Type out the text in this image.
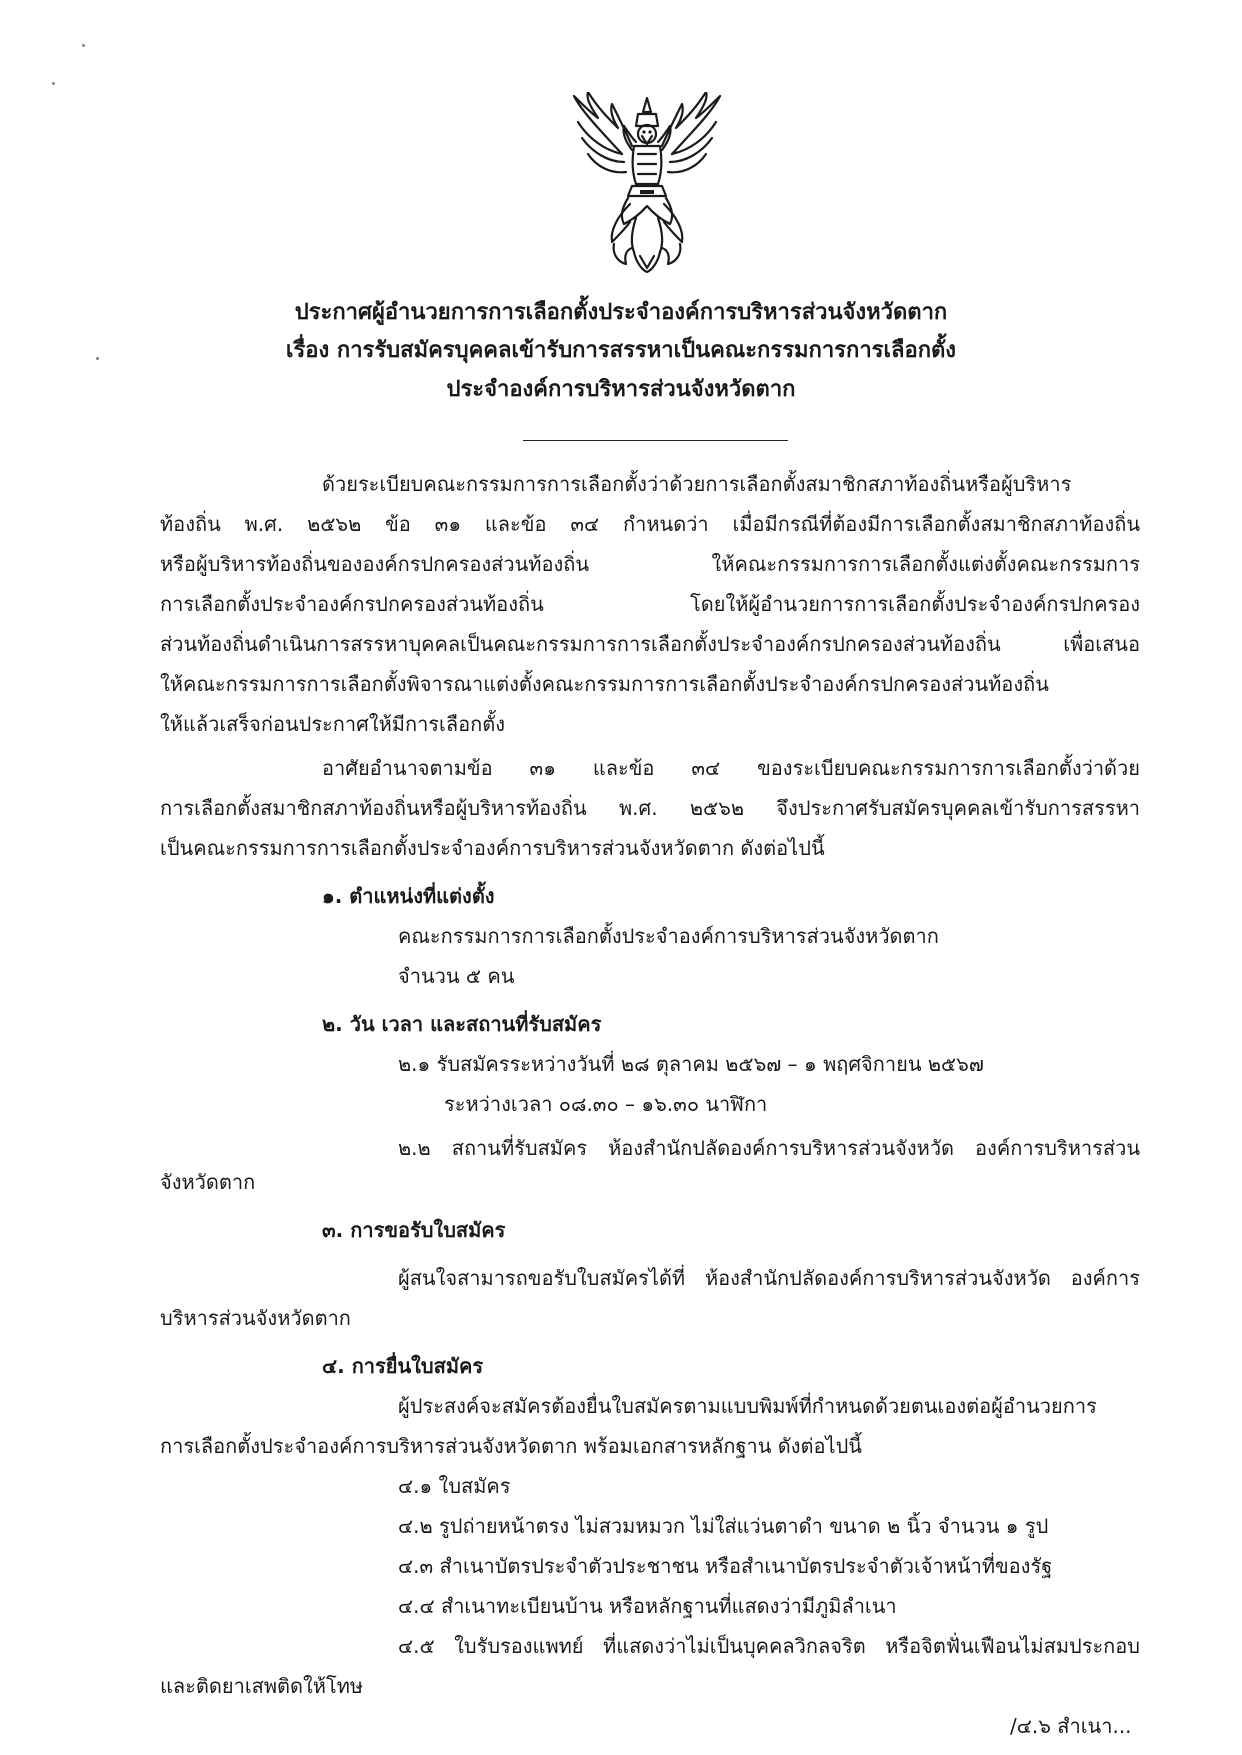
ประกาศผู้อำนวยการการเลือกตั้งประจำองค์การบริหารส่วนจังหวัดตาก
เรื่อง การรับสมัครบุคคลเข้ารับการสรรหาเป็นคณะกรรมการการเลือกตั้ง
ประจำองค์การบริหารส่วนจังหวัดตาก
ด้วยระเบียบคณะกรรมการการเลือกตั้งว่าด้วยการเลือกตั้งสมาชิกสภาท้องถิ่นหรือผู้บริหาร
ท้องถิ่น พ.ศ. ๒๕๖๒ ข้อ ๓๑ และข้อ ๓๔ กำหนดว่า เมื่อมีกรณีที่ต้องมีการเลือกตั้งสมาชิกสภาท้องถิ่น
หรือผู้บริหารท้องถิ่นขององค์กรปกครองส่วนท้องถิ่น ให้คณะกรรมการการเลือกตั้งแต่งตั้งคณะกรรมการ
การเลือกตั้งประจำองค์กรปกครองส่วนท้องถิ่น โดยให้ผู้อำนวยการการเลือกตั้งประจำองค์กรปกครอง
ส่วนท้องถิ่นดำเนินการสรรหาบุคคลเป็นคณะกรรมการการเลือกตั้งประจำองค์กรปกครองส่วนท้องถิ่น เพื่อเสนอ
ให้คณะกรรมการการเลือกตั้งพิจารณาแต่งตั้งคณะกรรมการการเลือกตั้งประจำองค์กรปกครองส่วนท้องถิ่น
ให้แล้วเสร็จก่อนประกาศให้มีการเลือกตั้ง
อาศัยอำนาจตามข้อ ๓๑ และข้อ ๓๔ ของระเบียบคณะกรรมการการเลือกตั้งว่าด้วย
การเลือกตั้งสมาชิกสภาท้องถิ่นหรือผู้บริหารท้องถิ่น พ.ศ. ๒๕๖๒ จึงประกาศรับสมัครบุคคลเข้ารับการสรรหา
เป็นคณะกรรมการการเลือกตั้งประจำองค์การบริหารส่วนจังหวัดตาก ดังต่อไปนี้
๑. ตำแหน่งที่แต่งตั้ง
คณะกรรมการการเลือกตั้งประจำองค์การบริหารส่วนจังหวัดตาก
จำนวน ๕ คน
๒. วัน เวลา และสถานที่รับสมัคร
๒.๑ รับสมัครระหว่างวันที่ ๒๘ ตุลาคม ๒๕๖๗ – ๑ พฤศจิกายน ๒๕๖๗
ระหว่างเวลา ๐๘.๓๐ – ๑๖.๓๐ นาฬิกา
๒.๒ สถานที่รับสมัคร ห้องสำนักปลัดองค์การบริหารส่วนจังหวัด องค์การบริหารส่วน
จังหวัดตาก
๓. การขอรับใบสมัคร
ผู้สนใจสามารถขอรับใบสมัครได้ที่ ห้องสำนักปลัดองค์การบริหารส่วนจังหวัด องค์การ
บริหารส่วนจังหวัดตาก
๔. การยื่นใบสมัคร
ผู้ประสงค์จะสมัครต้องยื่นใบสมัครตามแบบพิมพ์ที่กำหนดด้วยตนเองต่อผู้อำนวยการ
การเลือกตั้งประจำองค์การบริหารส่วนจังหวัดตาก พร้อมเอกสารหลักฐาน ดังต่อไปนี้
๔.๑ ใบสมัคร
๔.๒ รูปถ่ายหน้าตรง ไม่สวมหมวก ไม่ใส่แว่นตาดำ ขนาด ๒ นิ้ว จำนวน ๑ รูป
๔.๓ สำเนาบัตรประจำตัวประชาชน หรือสำเนาบัตรประจำตัวเจ้าหน้าที่ของรัฐ
๔.๔ สำเนาทะเบียนบ้าน หรือหลักฐานที่แสดงว่ามีภูมิลำเนา
๔.๕ ใบรับรองแพทย์ ที่แสดงว่าไม่เป็นบุคคลวิกลจริต หรือจิตฟั่นเฟือนไม่สมประกอบ
และติดยาเสพติดให้โทษ
/๔.๖ สำเนา...
